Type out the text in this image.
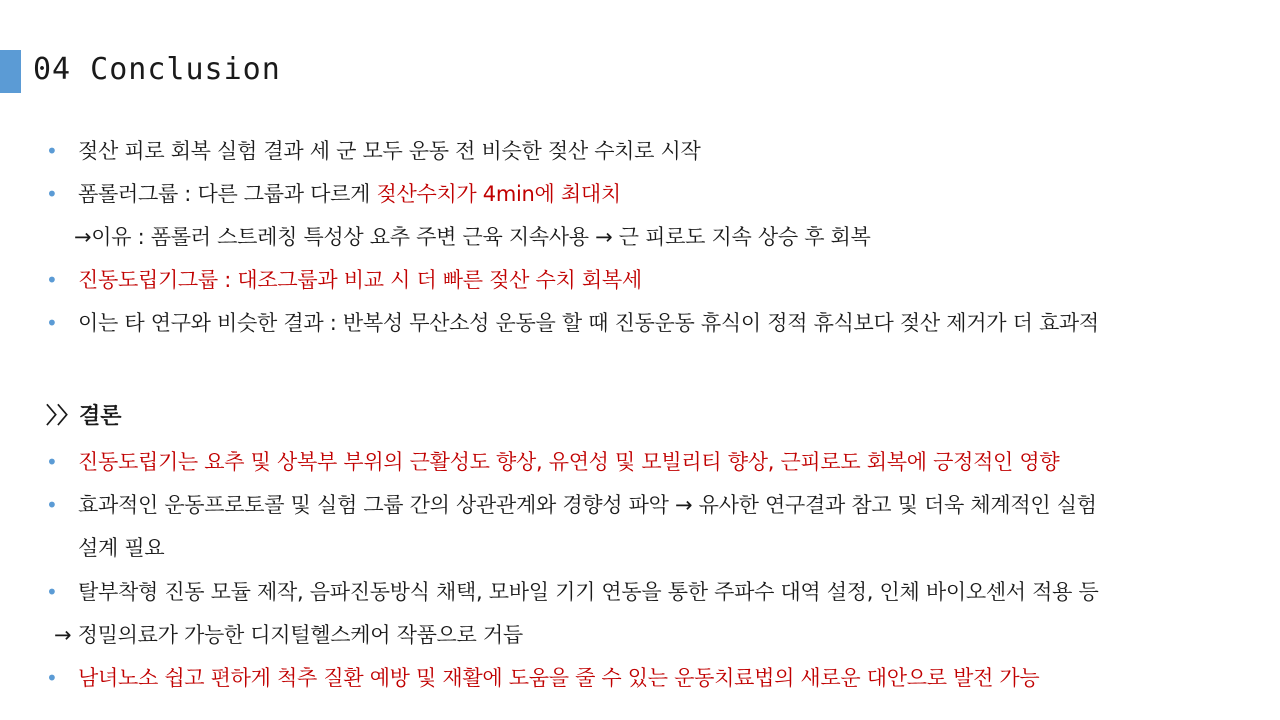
04 Conclusion
• 젖산 피로 회복 실험 결과 세 군 모두 운동 전 비슷한 젖산 수치로 시작
• 폼롤러그룹 : 다른 그룹과 다르게 젖산수치가 4min에 최대치
→이유 : 폼롤러 스트레칭 특성상 요추 주변 근육 지속사용 → 근 피로도 지속 상승 후 회복
• 진동도립기그룹 : 대조그룹과 비교 시 더 빠른 젖산 수치 회복세
• 이는 타 연구와 비슷한 결과 : 반복성 무산소성 운동을 할 때 진동운동 휴식이 정적 휴식보다 젖산 제거가 더 효과적
〉〉결론
• 진동도립기는 요추 및 상복부 부위의 근활성도 향상, 유연성 및 모빌리티 향상, 근피로도 회복에 긍정적인 영향
• 효과적인 운동프로토콜 및 실험 그룹 간의 상관관계와 경향성 파악 → 유사한 연구결과 참고 및 더욱 체계적인 실험
설계 필요
• 탈부착형 진동 모듈 제작, 음파진동방식 채택, 모바일 기기 연동을 통한 주파수 대역 설정, 인체 바이오센서 적용 등
→ 정밀의료가 가능한 디지털헬스케어 작품으로 거듭
• 남녀노소 쉽고 편하게 척추 질환 예방 및 재활에 도움을 줄 수 있는 운동치료법의 새로운 대안으로 발전 가능
